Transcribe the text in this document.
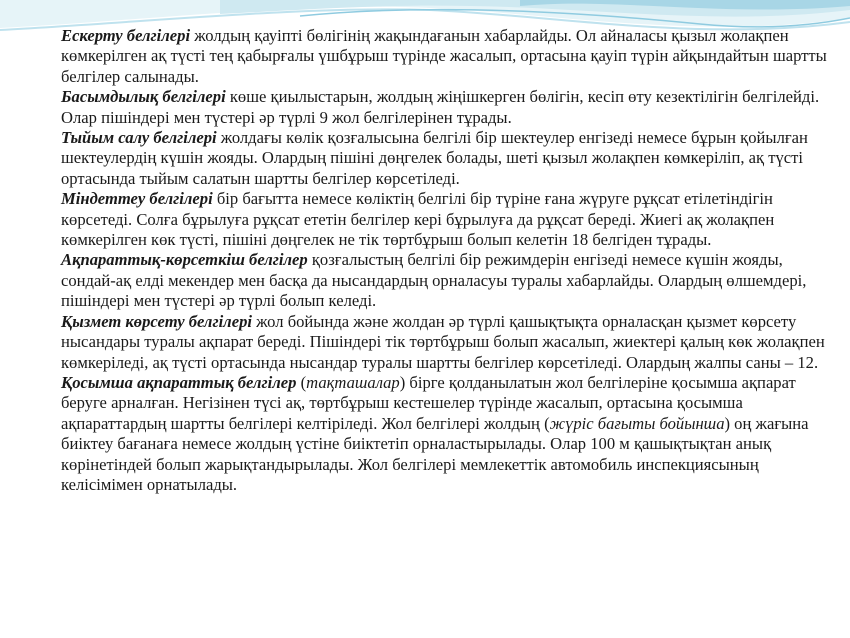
Ескерту белгілері жолдың қауіпті бөлігінің жақындағанын хабарлайды. Ол айналасы қызыл жолақпен көмкерілген ақ түсті тең қабырғалы үшбұрыш түрінде жасалып, ортасына қауіп түрін айқындайтын шартты белгілер салынады.

Басымдылық белгілері көше қиылыстарын, жолдың жіңішкерген бөлігін, кесіп өту кезектілігін белгілейді. Олар пішіндері мен түстері әр түрлі 9 жол белгілерінен тұрады.

Тыйым салу белгілері жолдағы көлік қозғалысына белгілі бір шектеулер енгізеді немесе бұрын қойылған шектеулердің күшін жояды. Олардың пішіні дөңгелек болады, шеті қызыл жолақпен көмкеріліп, ақ түсті ортасында тыйым салатын шартты белгілер көрсетіледі.

Міндеттеу белгілері бір бағытта немесе көліктің белгілі бір түріне ғана жүруге рұқсат етілетіндігін көрсетеді. Солға бұрылуға рұқсат ететін белгілер кері бұрылуға да рұқсат береді. Жиегі ақ жолақпен көмкерілген көк түсті, пішіні дөңгелек не тік төртбұрыш болып келетін 18 белгіден тұрады.

Ақпараттық-көрсеткіш белгілер қозғалыстың белгілі бір режимдерін енгізеді немесе күшін жояды, сондай-ақ елді мекендер мен басқа да нысандардың орналасуы туралы хабарлайды. Олардың өлшемдері, пішіндері мен түстері әр түрлі болып келеді.

Қызмет көрсету белгілері жол бойында және жолдан әр түрлі қашықтықта орналасқан қызмет көрсету нысандары туралы ақпарат береді. Пішіндері тік төртбұрыш болып жасалып, жиектері қалың көк жолақпен көмкеріледі, ақ түсті ортасында нысандар туралы шартты белгілер көрсетіледі. Олардың жалпы саны – 12.

Қосымша ақпараттық белгілер (тақташалар) бірге қолданылатын жол белгілеріне қосымша ақпарат беруге арналған. Негізінен түсі ақ, төртбұрыш кестешелер түрінде жасалып, ортасына қосымша ақпараттардың шартты белгілері келтіріледі. Жол белгілері жолдың (жүріс бағыты бойынша) оң жағына биіктеу бағанаға немесе жолдың үстіне биіктетіп орналастырылады. Олар 100 м қашықтықтан анық көрінетіндей болып жарықтандырылады. Жол белгілері мемлекеттік автомобиль инспекциясының келісімімен орнатылады.
